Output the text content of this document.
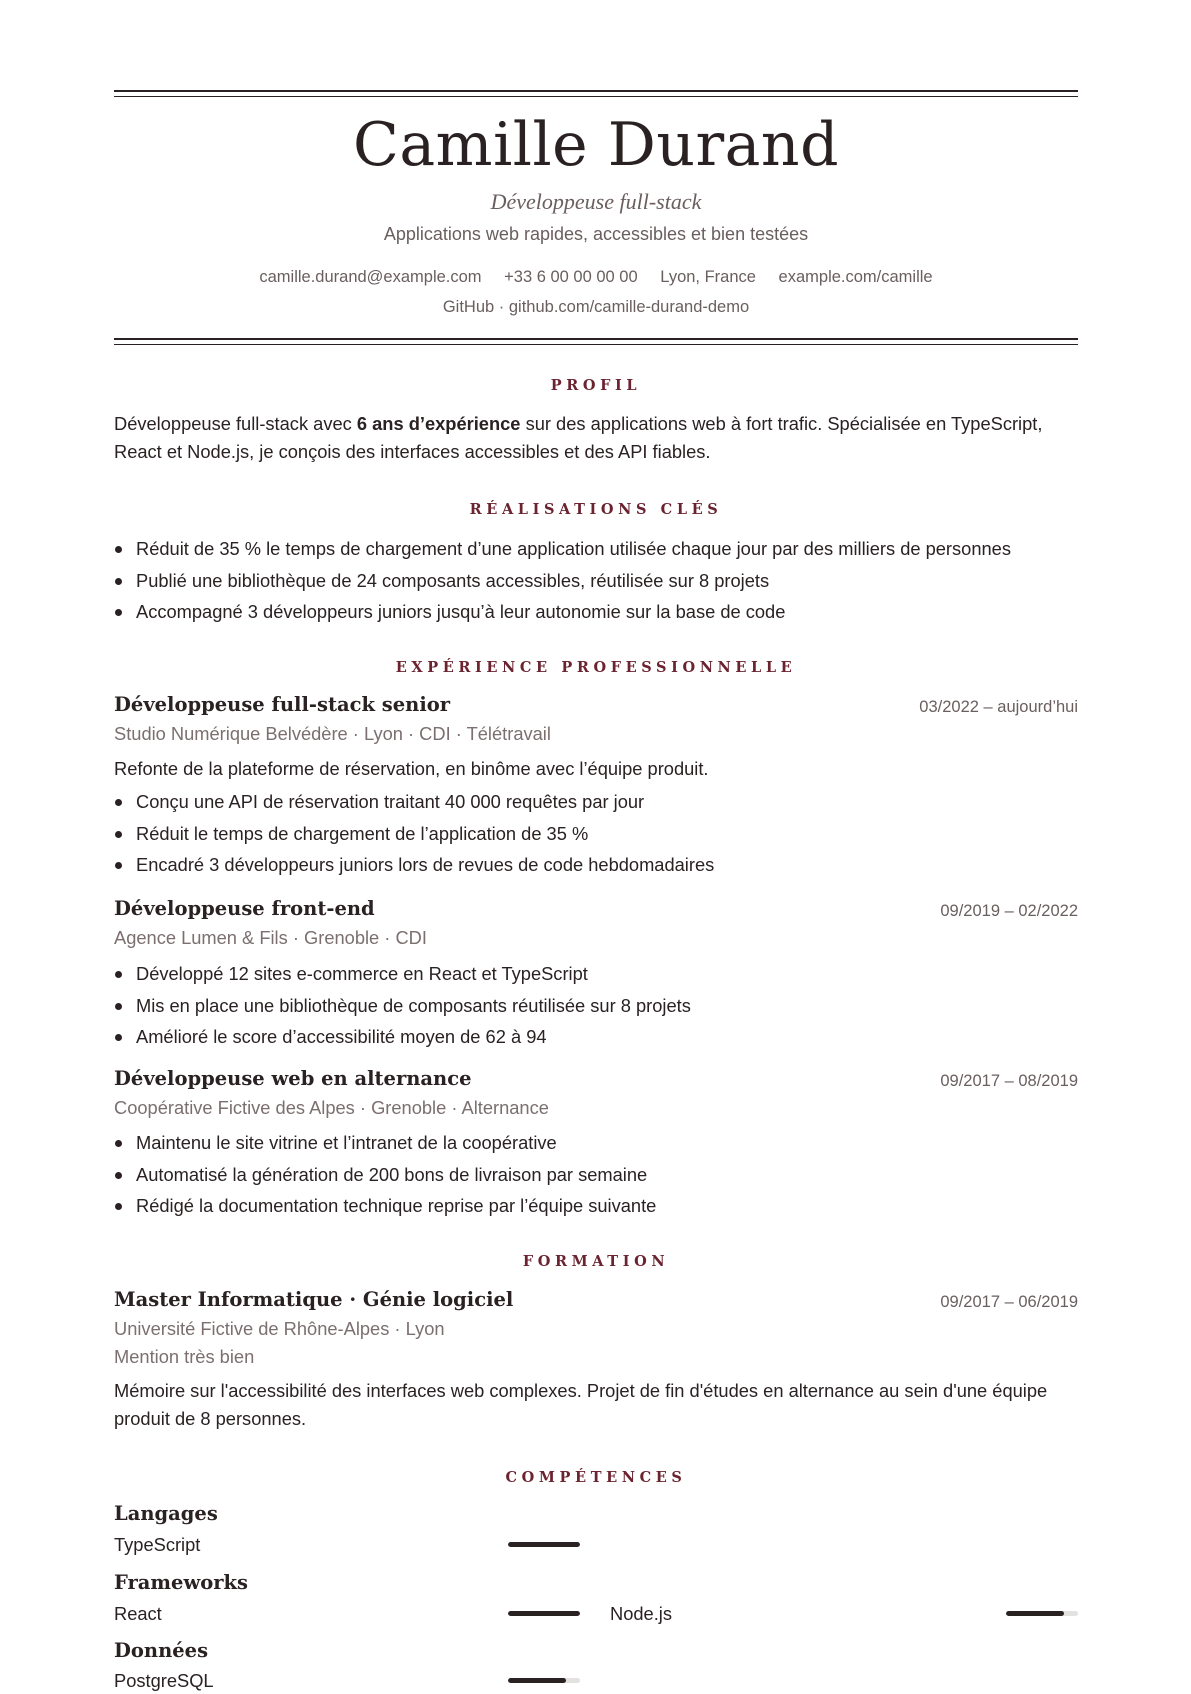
Camille Durand
Développeuse full-stack
Applications web rapides, accessibles et bien testées
camille.durand@example.com +33 6 00 00 00 00 Lyon, France example.com/camille
GitHub · github.com/camille-durand-demo
PROFIL
Développeuse full-stack avec 6 ans d’expérience sur des applications web à fort trafic. Spécialisée en TypeScript, React et Node.js, je conçois des interfaces accessibles et des API fiables.
RÉALISATIONS CLÉS
Réduit de 35 % le temps de chargement d’une application utilisée chaque jour par des milliers de personnes
Publié une bibliothèque de 24 composants accessibles, réutilisée sur 8 projets
Accompagné 3 développeurs juniors jusqu’à leur autonomie sur la base de code
EXPÉRIENCE PROFESSIONNELLE
Développeuse full-stack senior	03/2022 – aujourd’hui
Studio Numérique Belvédère · Lyon · CDI · Télétravail
Refonte de la plateforme de réservation, en binôme avec l’équipe produit.
Conçu une API de réservation traitant 40 000 requêtes par jour
Réduit le temps de chargement de l’application de 35 %
Encadré 3 développeurs juniors lors de revues de code hebdomadaires
Développeuse front-end	09/2019 – 02/2022
Agence Lumen & Fils · Grenoble · CDI
Développé 12 sites e-commerce en React et TypeScript
Mis en place une bibliothèque de composants réutilisée sur 8 projets
Amélioré le score d’accessibilité moyen de 62 à 94
Développeuse web en alternance	09/2017 – 08/2019
Coopérative Fictive des Alpes · Grenoble · Alternance
Maintenu le site vitrine et l’intranet de la coopérative
Automatisé la génération de 200 bons de livraison par semaine
Rédigé la documentation technique reprise par l’équipe suivante
FORMATION
Master Informatique · Génie logiciel	09/2017 – 06/2019
Université Fictive de Rhône-Alpes · Lyon
Mention très bien
Mémoire sur l'accessibilité des interfaces web complexes. Projet de fin d'études en alternance au sein d'une équipe produit de 8 personnes.
COMPÉTENCES
Langages
TypeScript
Frameworks
React	Node.js
Données
PostgreSQL
